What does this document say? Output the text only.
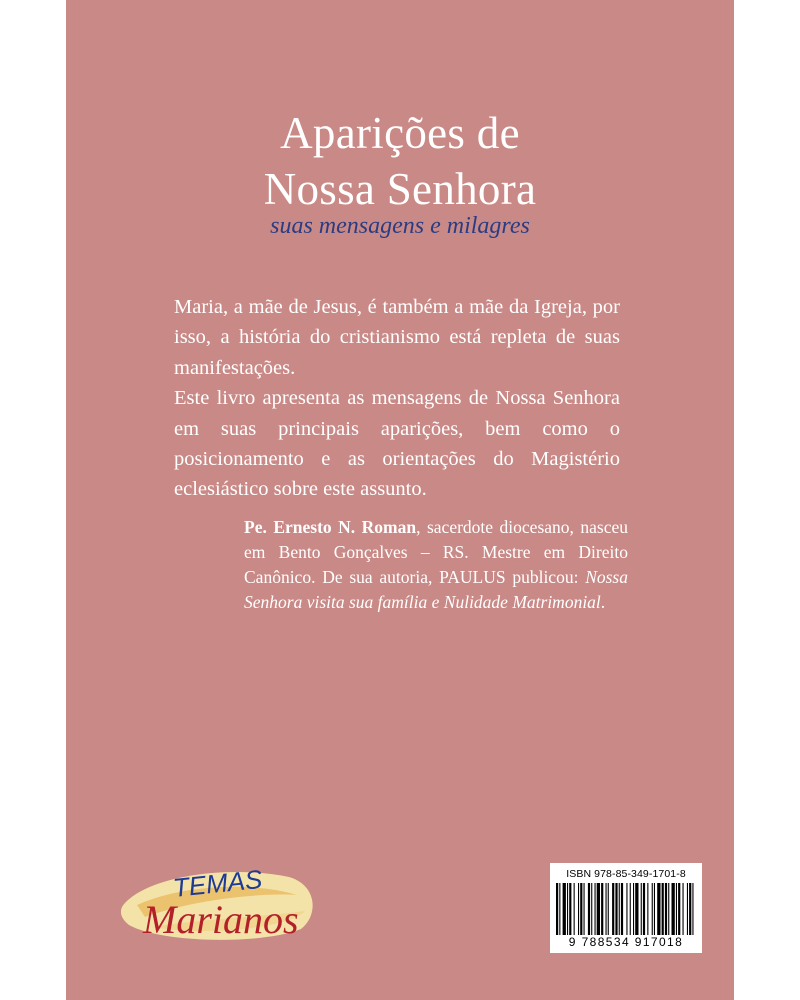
Aparições de
Nossa Senhora
suas mensagens e milagres

Maria, a mãe de Jesus, é também a mãe da Igreja, por isso, a história do cristianismo está repleta de suas manifestações.

Este livro apresenta as mensagens de Nossa Senhora em suas principais aparições, bem como o posicionamento e as orientações do Magistério eclesiástico sobre este assunto.

Pe. Ernesto N. Roman, sacerdote diocesano, nasceu em Bento Gonçalves – RS. Mestre em Direito Canônico. De sua autoria, PAULUS publicou: Nossa Senhora visita sua família e Nulidade Matrimonial.
TEMAS
Marianos
ISBN 978-85-349-1701-8
9 788534 917018
